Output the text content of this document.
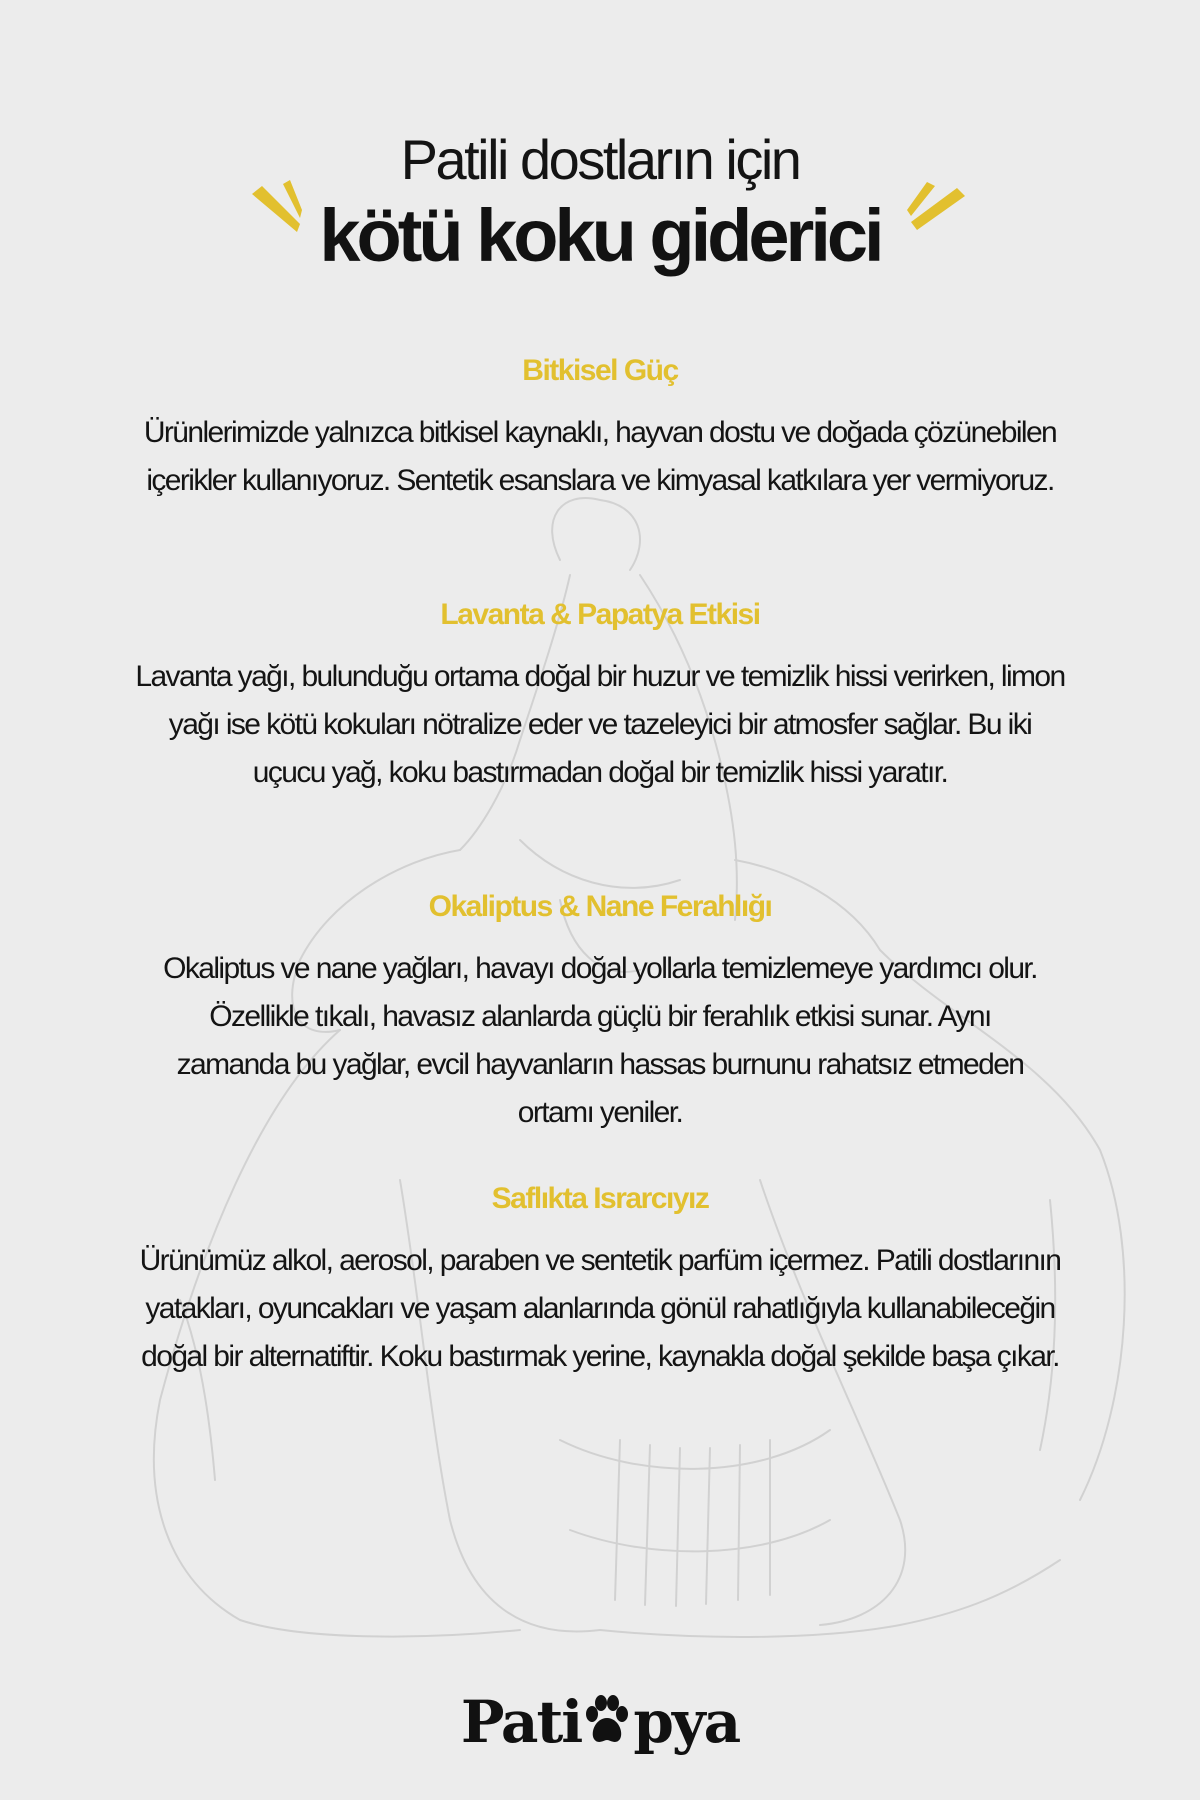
Patili dostların için
kötü koku giderici
Bitkisel Güç

Ürünlerimizde yalnızca bitkisel kaynaklı, hayvan dostu ve doğada çözünebilen içerikler kullanıyoruz. Sentetik esanslara ve kimyasal katkılara yer vermiyoruz.

Lavanta & Papatya Etkisi

Lavanta yağı, bulunduğu ortama doğal bir huzur ve temizlik hissi verirken, limon yağı ise kötü kokuları nötralize eder ve tazeleyici bir atmosfer sağlar. Bu iki uçucu yağ, koku bastırmadan doğal bir temizlik hissi yaratır.

Okaliptus & Nane Ferahlığı

Okaliptus ve nane yağları, havayı doğal yollarla temizlemeye yardımcı olur. Özellikle tıkalı, havasız alanlarda güçlü bir ferahlık etkisi sunar. Aynı zamanda bu yağlar, evcil hayvanların hassas burnunu rahatsız etmeden ortamı yeniler.

Saflıkta Israrcıyız

Ürünümüz alkol, aerosol, paraben ve sentetik parfüm içermez. Patili dostlarının yatakları, oyuncakları ve yaşam alanlarında gönül rahatlığıyla kullanabileceğin doğal bir alternatiftir. Koku bastırmak yerine, kaynakla doğal şekilde başa çıkar.

Pati pya
